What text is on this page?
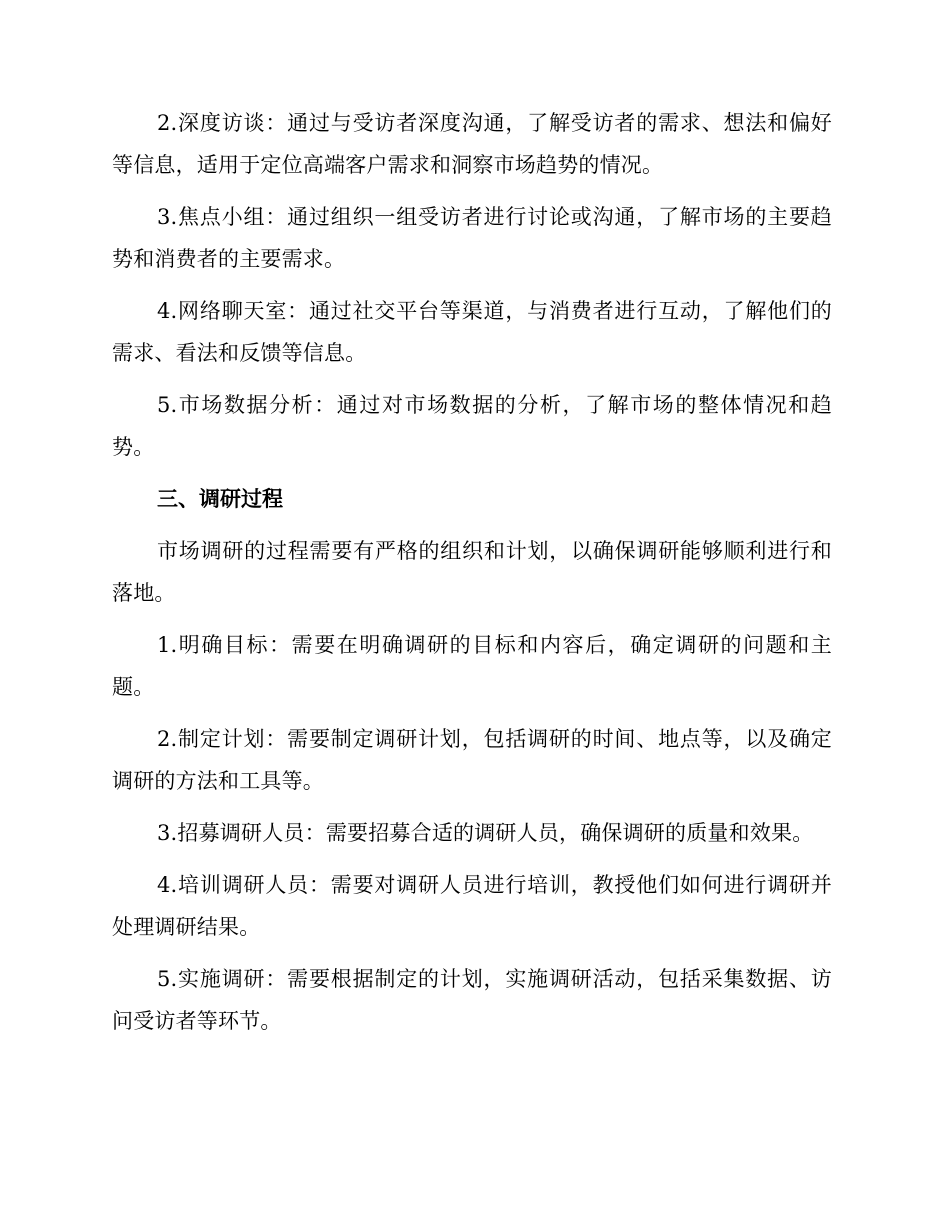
2.深度访谈：通过与受访者深度沟通，了解受访者的需求、想法和偏好等信息，适用于定位高端客户需求和洞察市场趋势的情况。

3.焦点小组：通过组织一组受访者进行讨论或沟通，了解市场的主要趋势和消费者的主要需求。

4.网络聊天室：通过社交平台等渠道，与消费者进行互动，了解他们的需求、看法和反馈等信息。

5.市场数据分析：通过对市场数据的分析，了解市场的整体情况和趋势。

三、调研过程

市场调研的过程需要有严格的组织和计划，以确保调研能够顺利进行和落地。

1.明确目标：需要在明确调研的目标和内容后，确定调研的问题和主题。

2.制定计划：需要制定调研计划，包括调研的时间、地点等，以及确定调研的方法和工具等。

3.招募调研人员：需要招募合适的调研人员，确保调研的质量和效果。

4.培训调研人员：需要对调研人员进行培训，教授他们如何进行调研并处理调研结果。

5.实施调研：需要根据制定的计划，实施调研活动，包括采集数据、访问受访者等环节。
